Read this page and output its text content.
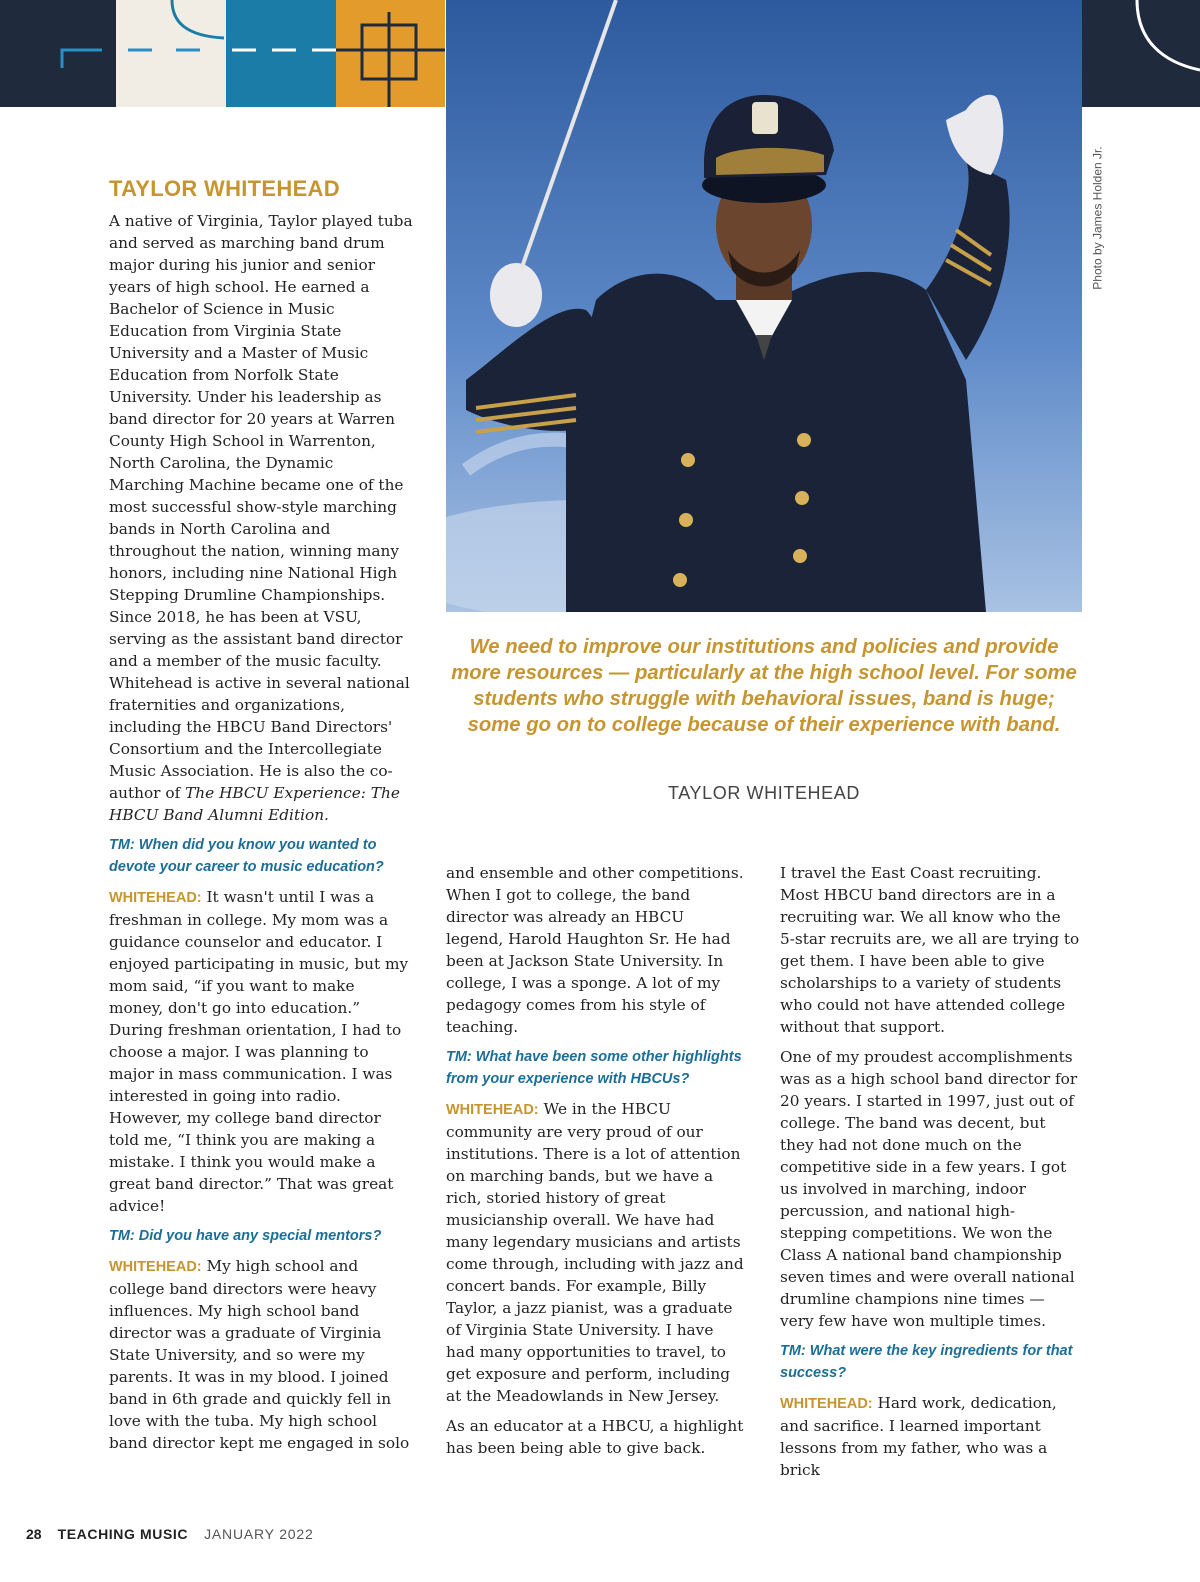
Photo by James Holden Jr.
TAYLOR WHITEHEAD

A native of Virginia, Taylor played tuba and served as marching band drum major during his junior and senior years of high school. He earned a Bachelor of Science in Music Education from Virginia State University and a Master of Music Education from Norfolk State University. Under his leadership as band director for 20 years at Warren County High School in Warrenton, North Carolina, the Dynamic Marching Machine became one of the most successful show-style marching bands in North Carolina and throughout the nation, winning many honors, including nine National High Stepping Drumline Championships. Since 2018, he has been at VSU, serving as the assistant band director and a member of the music faculty. Whitehead is active in several national fraternities and organizations, including the HBCU Band Directors' Consortium and the Intercollegiate Music Association. He is also the co-author of The HBCU Experience: The HBCU Band Alumni Edition.

TM: When did you know you wanted to devote your career to music education?

WHITEHEAD: It wasn't until I was a freshman in college. My mom was a guidance counselor and educator. I enjoyed participating in music, but my mom said, “if you want to make money, don't go into education.” During freshman orientation, I had to choose a major. I was planning to major in mass communication. I was interested in going into radio. However, my college band director told me, “I think you are making a mistake. I think you would make a great band director.” That was great advice!

TM: Did you have any special mentors?

WHITEHEAD: My high school and college band directors were heavy influences. My high school band director was a graduate of Virginia State University, and so were my parents. It was in my blood. I joined band in 6th grade and quickly fell in love with the tuba. My high school band director kept me engaged in solo

We need to improve our institutions and policies and provide more resources — particularly at the high school level. For some students who struggle with behavioral issues, band is huge; some go on to college because of their experience with band.
TAYLOR WHITEHEAD

and ensemble and other competitions. When I got to college, the band director was already an HBCU legend, Harold Haughton Sr. He had been at Jackson State University. In college, I was a sponge. A lot of my pedagogy comes from his style of teaching.

TM: What have been some other highlights from your experience with HBCUs?

WHITEHEAD: We in the HBCU community are very proud of our institutions. There is a lot of attention on marching bands, but we have a rich, storied history of great musicianship overall. We have had many legendary musicians and artists come through, including with jazz and concert bands. For example, Billy Taylor, a jazz pianist, was a graduate of Virginia State University. I have had many opportunities to travel, to get exposure and perform, including at the Meadowlands in New Jersey.

As an educator at a HBCU, a highlight has been being able to give back.

I travel the East Coast recruiting. Most HBCU band directors are in a recruiting war. We all know who the 5-star recruits are, we all are trying to get them. I have been able to give scholarships to a variety of students who could not have attended college without that support.

One of my proudest accomplishments was as a high school band director for 20 years. I started in 1997, just out of college. The band was decent, but they had not done much on the competitive side in a few years. I got us involved in marching, indoor percussion, and national high-stepping competitions. We won the Class A national band championship seven times and were overall national drumline champions nine times — very few have won multiple times.

TM: What were the key ingredients for that success?

WHITEHEAD: Hard work, dedication, and sacrifice. I learned important lessons from my father, who was a brick

28 TEACHING MUSIC JANUARY 2022
